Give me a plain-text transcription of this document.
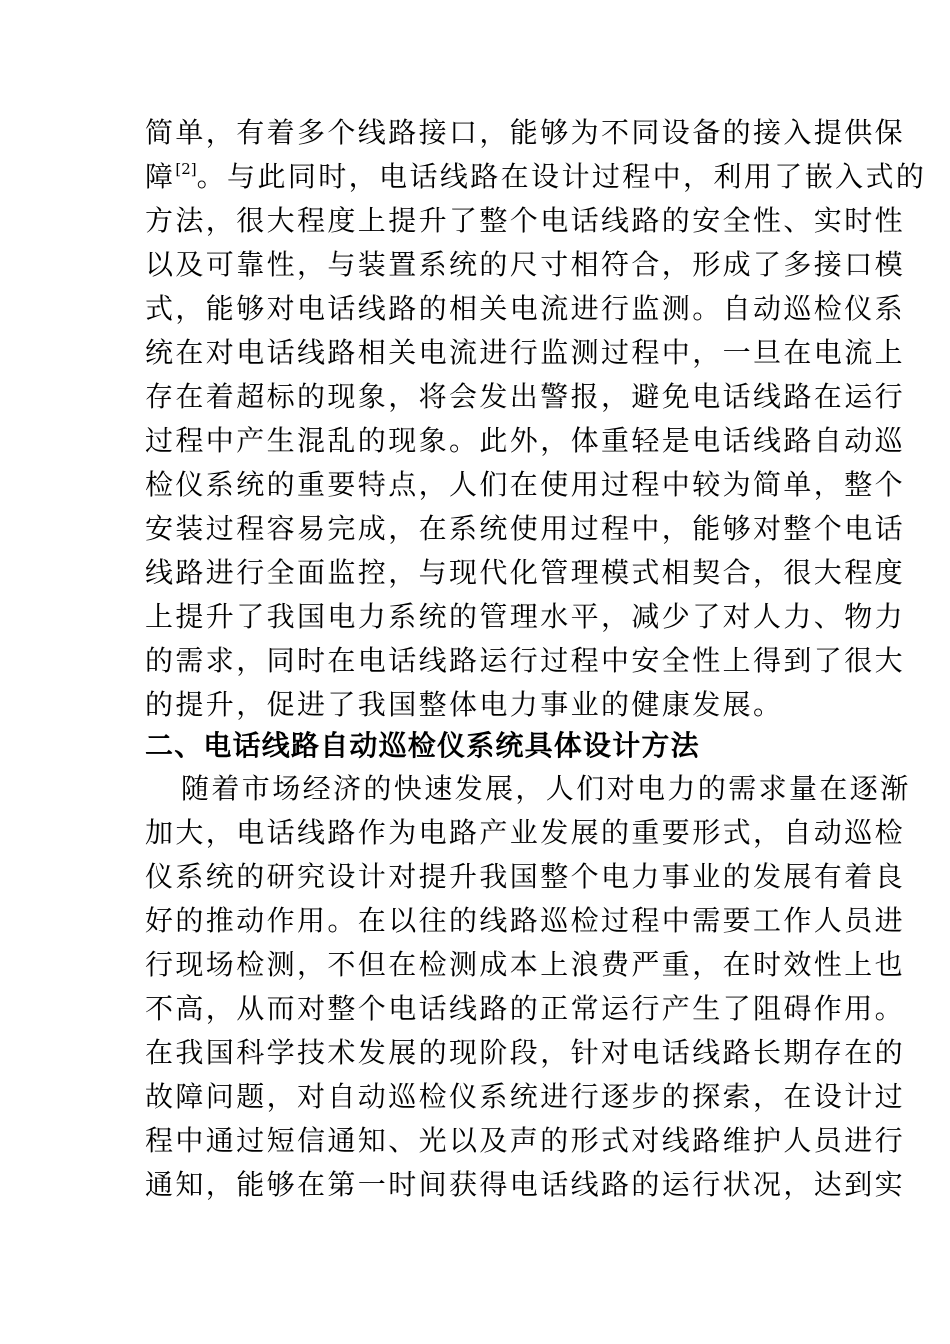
简单，有着多个线路接口，能够为不同设备的接入提供保
障[2]。与此同时，电话线路在设计过程中，利用了嵌入式的
方法，很大程度上提升了整个电话线路的安全性、实时性
以及可靠性，与装置系统的尺寸相符合，形成了多接口模
式，能够对电话线路的相关电流进行监测。自动巡检仪系
统在对电话线路相关电流进行监测过程中，一旦在电流上
存在着超标的现象，将会发出警报，避免电话线路在运行
过程中产生混乱的现象。此外，体重轻是电话线路自动巡
检仪系统的重要特点，人们在使用过程中较为简单，整个
安装过程容易完成，在系统使用过程中，能够对整个电话
线路进行全面监控，与现代化管理模式相契合，很大程度
上提升了我国电力系统的管理水平，减少了对人力、物力
的需求，同时在电话线路运行过程中安全性上得到了很大
的提升，促进了我国整体电力事业的健康发展。
二、电话线路自动巡检仪系统具体设计方法
随着市场经济的快速发展，人们对电力的需求量在逐渐
加大，电话线路作为电路产业发展的重要形式，自动巡检
仪系统的研究设计对提升我国整个电力事业的发展有着良
好的推动作用。在以往的线路巡检过程中需要工作人员进
行现场检测，不但在检测成本上浪费严重，在时效性上也
不高，从而对整个电话线路的正常运行产生了阻碍作用。
在我国科学技术发展的现阶段，针对电话线路长期存在的
故障问题，对自动巡检仪系统进行逐步的探索，在设计过
程中通过短信通知、光以及声的形式对线路维护人员进行
通知，能够在第一时间获得电话线路的运行状况，达到实
